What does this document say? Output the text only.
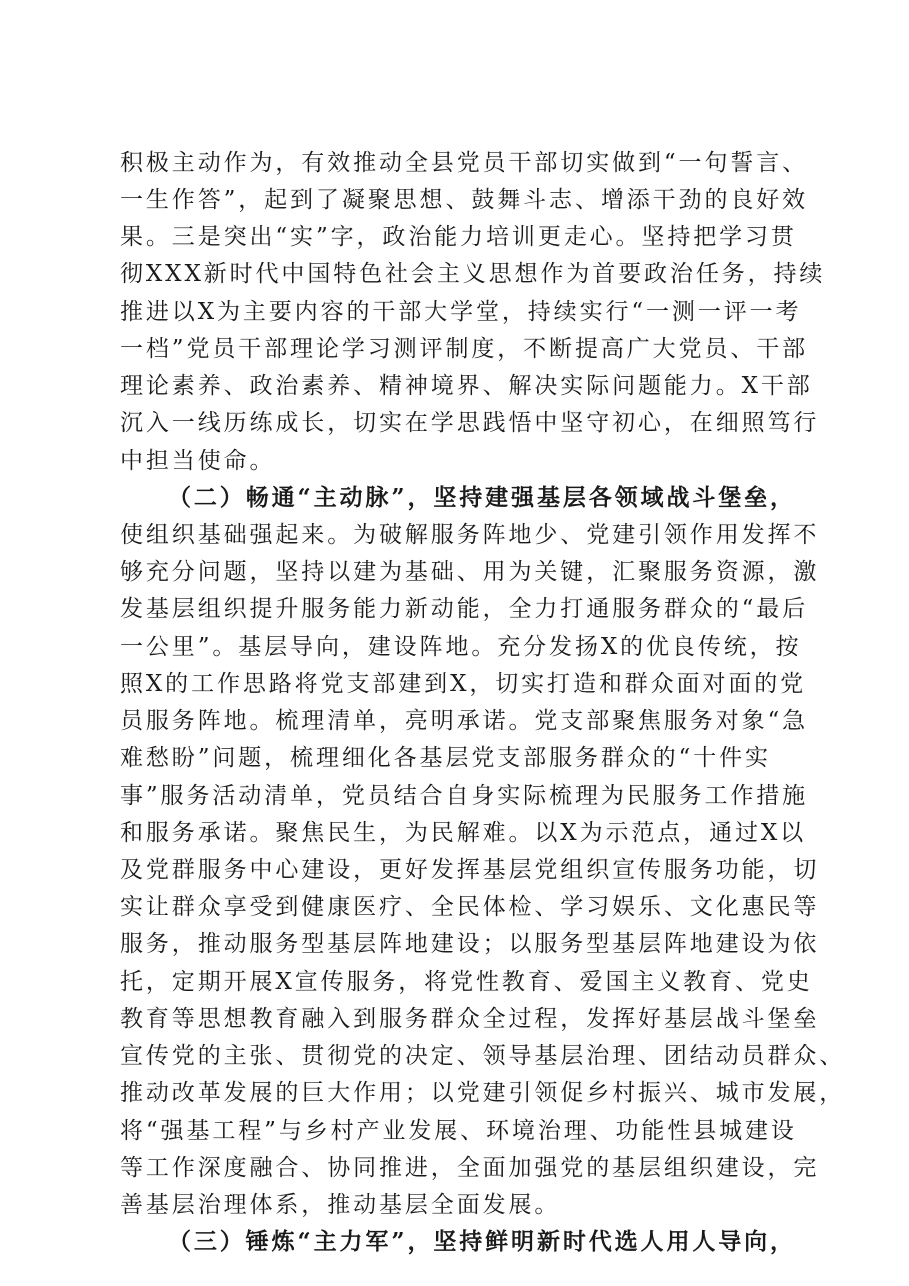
积极主动作为，有效推动全县党员干部切实做到“一句誓言、
一生作答”，起到了凝聚思想、鼓舞斗志、增添干劲的良好效
果。三是突出“实”字，政治能力培训更走心。坚持把学习贯
彻XXX新时代中国特色社会主义思想作为首要政治任务，持续
推进以X为主要内容的干部大学堂，持续实行“一测一评一考
一档”党员干部理论学习测评制度，不断提高广大党员、干部
理论素养、政治素养、精神境界、解决实际问题能力。X干部
沉入一线历练成长，切实在学思践悟中坚守初心，在细照笃行
中担当使命。
（二）畅通“主动脉”，坚持建强基层各领域战斗堡垒，
使组织基础强起来。为破解服务阵地少、党建引领作用发挥不
够充分问题，坚持以建为基础、用为关键，汇聚服务资源，激
发基层组织提升服务能力新动能，全力打通服务群众的“最后
一公里”。基层导向，建设阵地。充分发扬X的优良传统，按
照X的工作思路将党支部建到X，切实打造和群众面对面的党
员服务阵地。梳理清单，亮明承诺。党支部聚焦服务对象“急
难愁盼”问题，梳理细化各基层党支部服务群众的“十件实
事”服务活动清单，党员结合自身实际梳理为民服务工作措施
和服务承诺。聚焦民生，为民解难。以X为示范点，通过X以
及党群服务中心建设，更好发挥基层党组织宣传服务功能，切
实让群众享受到健康医疗、全民体检、学习娱乐、文化惠民等
服务，推动服务型基层阵地建设；以服务型基层阵地建设为依
托，定期开展X宣传服务，将党性教育、爱国主义教育、党史
教育等思想教育融入到服务群众全过程，发挥好基层战斗堡垒
宣传党的主张、贯彻党的决定、领导基层治理、团结动员群众、
推动改革发展的巨大作用；以党建引领促乡村振兴、城市发展，
将“强基工程”与乡村产业发展、环境治理、功能性县城建设
等工作深度融合、协同推进，全面加强党的基层组织建设，完
善基层治理体系，推动基层全面发展。
（三）锤炼“主力军”，坚持鲜明新时代选人用人导向，
